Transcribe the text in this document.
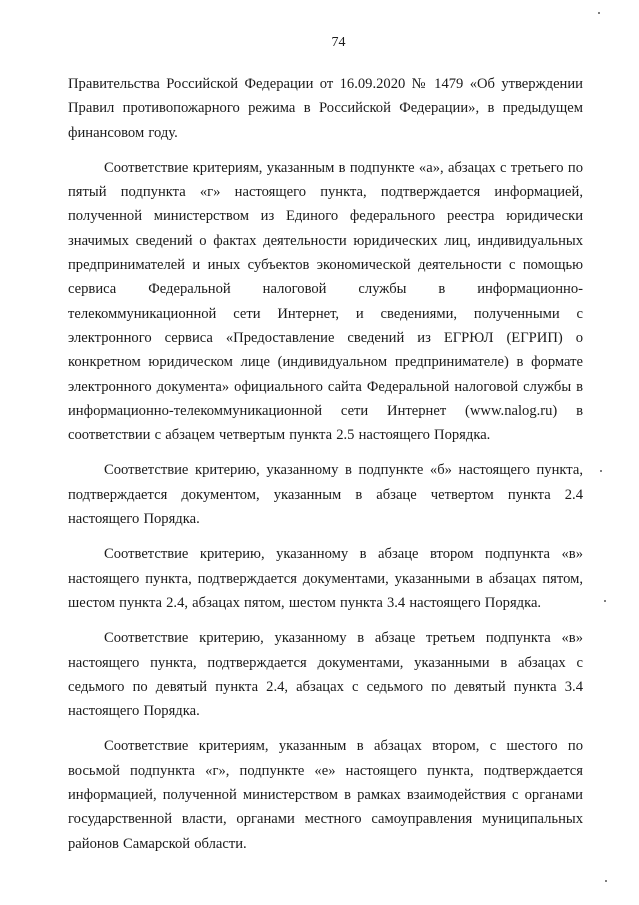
74

Правительства Российской Федерации от 16.09.2020 № 1479 «Об утверждении Правил противопожарного режима в Российской Федерации», в предыдущем финансовом году.

Соответствие критериям, указанным в подпункте «а», абзацах с третьего по пятый подпункта «г» настоящего пункта, подтверждается информацией, полученной министерством из Единого федерального реестра юридически значимых сведений о фактах деятельности юридических лиц, индивидуальных предпринимателей и иных субъектов экономической деятельности с помощью сервиса Федеральной налоговой службы в информационно-телекоммуникационной сети Интернет, и сведениями, полученными с электронного сервиса «Предоставление сведений из ЕГРЮЛ (ЕГРИП) о конкретном юридическом лице (индивидуальном предпринимателе) в формате электронного документа» официального сайта Федеральной налоговой службы в информационно-телекоммуникационной сети Интернет (www.nalog.ru) в соответствии с абзацем четвертым пункта 2.5 настоящего Порядка.

Соответствие критерию, указанному в подпункте «б» настоящего пункта, подтверждается документом, указанным в абзаце четвертом пункта 2.4 настоящего Порядка.

Соответствие критерию, указанному в абзаце втором подпункта «в» настоящего пункта, подтверждается документами, указанными в абзацах пятом, шестом пункта 2.4, абзацах пятом, шестом пункта 3.4 настоящего Порядка.

Соответствие критерию, указанному в абзаце третьем подпункта «в» настоящего пункта, подтверждается документами, указанными в абзацах с седьмого по девятый пункта 2.4, абзацах с седьмого по девятый пункта 3.4 настоящего Порядка.

Соответствие критериям, указанным в абзацах втором, с шестого по восьмой подпункта «г», подпункте «е» настоящего пункта, подтверждается информацией, полученной министерством в рамках взаимодействия с органами государственной власти, органами местного самоуправления муниципальных районов Самарской области.
